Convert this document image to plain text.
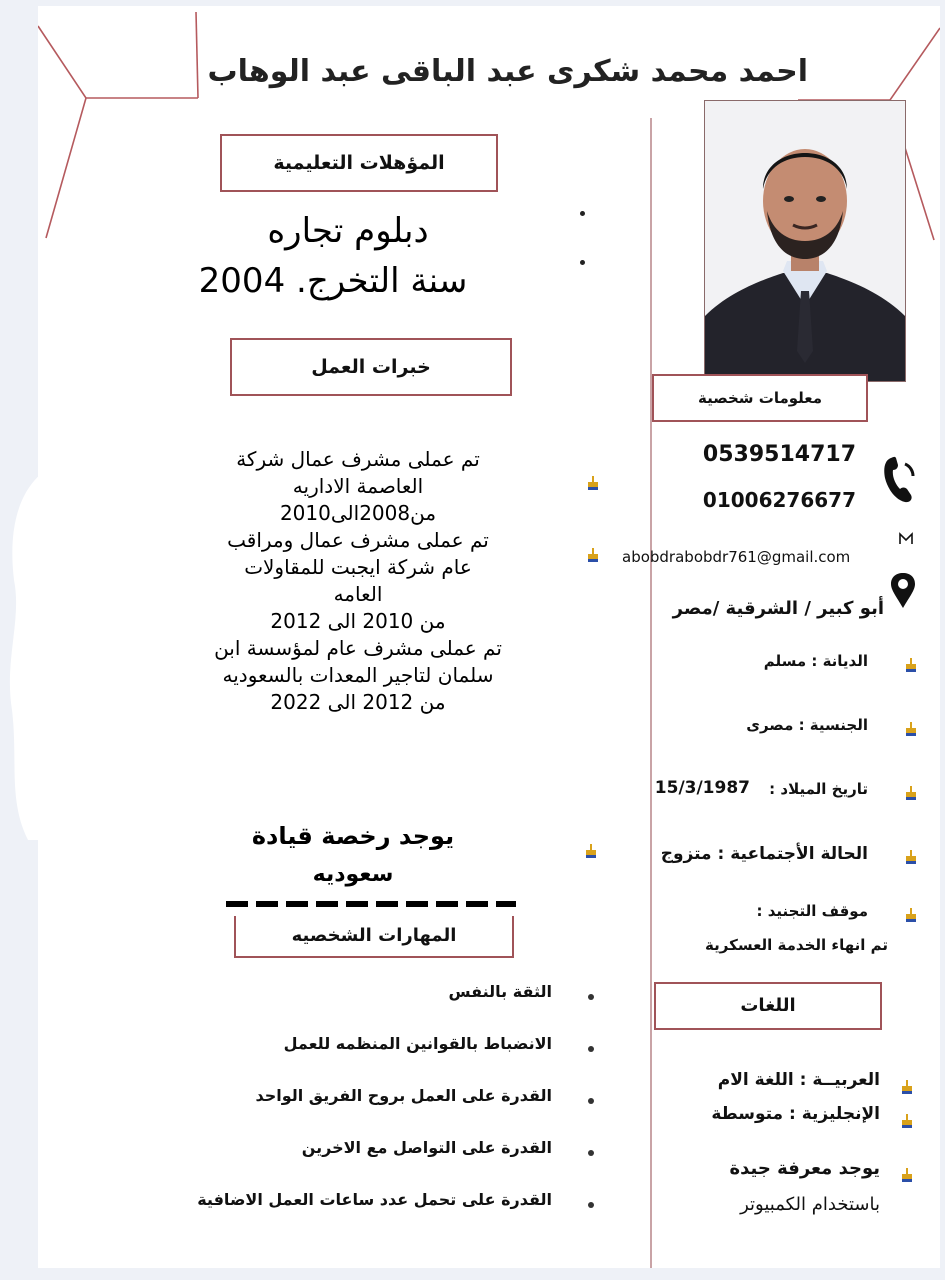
احمد محمد شكرى عبد الباقى عبد الوهاب
معلومات شخصية
0539514717
01006276677
abobdrabobdr761@gmail.com
أبو كبير / الشرقية /مصر
الديانة : مسلم
الجنسية : مصرى
تاريخ الميلاد :
15/3/1987
الحالة الأجتماعية : متزوج
موقف التجنيد :
تم انهاء الخدمة العسكرية
اللغات
العربيــة : اللغة الام
الإنجليزية : متوسطة
يوجد معرفة جيدة
باستخدام الكمبيوتر
المؤهلات التعليمية
دبلوم تجاره
سنة التخرج. 2004
خبرات العمل
تم عملى مشرف عمال شركة
العاصمة الاداريه
من2008الى2010
تم عملى مشرف عمال ومراقب
عام شركة ايجبت للمقاولات
العامه
من 2010 الى 2012
تم عملى مشرف عام لمؤسسة ابن
سلمان لتاجير المعدات بالسعوديه
من 2012 الى 2022
يوجد رخصة قيادة
سعوديه
المهارات الشخصيه
الثقة بالنفس
الانضباط بالقوانين المنظمه للعمل
القدرة على العمل بروح الفريق الواحد
القدرة على التواصل مع الاخرين
القدرة على تحمل عدد ساعات العمل الاضافية
